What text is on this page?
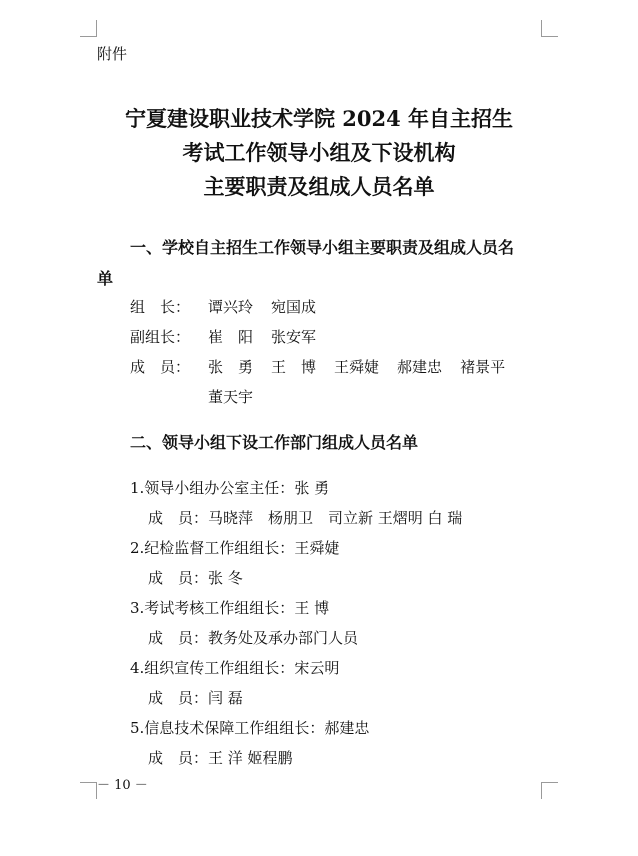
附件
宁夏建设职业技术学院 2024 年自主招生
考试工作领导小组及下设机构
主要职责及组成人员名单
一、学校自主招生工作领导小组主要职责及组成人员名
单
组　长： 谭兴玲 宛国成
副组长： 崔　阳 张安军
成　员： 张　勇 王　博 王舜婕 郝建忠 褚景平
董天宇
二、领导小组下设工作部门组成人员名单
1.领导小组办公室主任：张 勇
成　员：马晓萍　杨朋卫　司立新 王熠明 白 瑞
2.纪检监督工作组组长：王舜婕
成　员：张 冬
3.考试考核工作组组长：王 博
成　员：教务处及承办部门人员
4.组织宣传工作组组长：宋云明
成　员：闫 磊
5.信息技术保障工作组组长：郝建忠
成　员：王 洋 姬程鹏
－ 10 －
